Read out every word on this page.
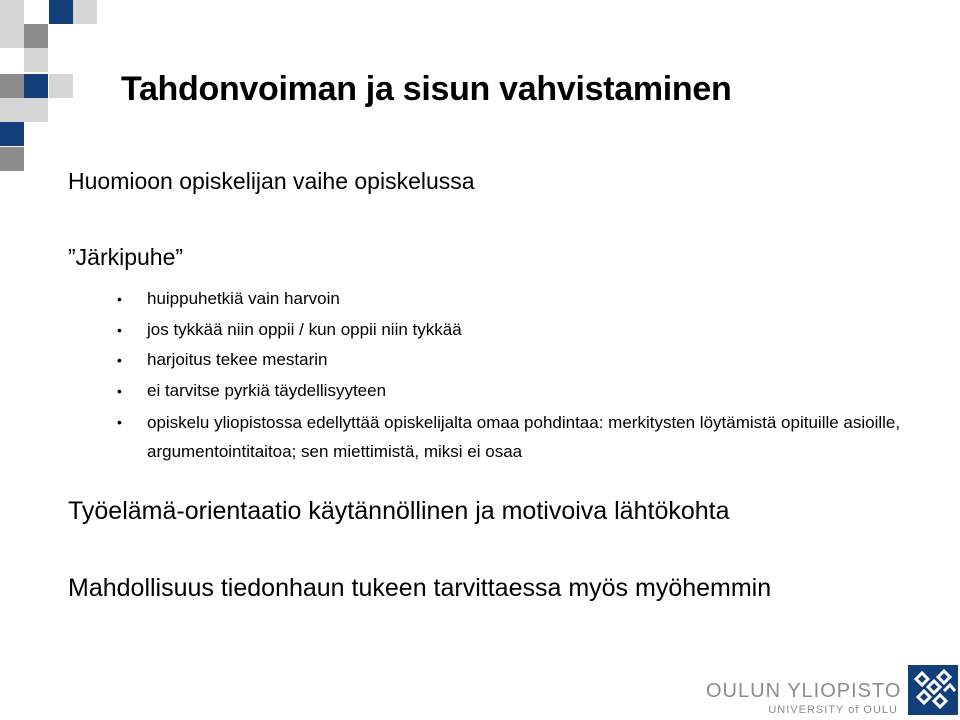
Tahdonvoiman ja sisun vahvistaminen
Huomioon opiskelijan vaihe opiskelussa
”Järkipuhe”
• huippuhetkiä vain harvoin
• jos tykkää niin oppii / kun oppii niin tykkää
• harjoitus tekee mestarin
• ei tarvitse pyrkiä täydellisyyteen
• opiskelu yliopistossa edellyttää opiskelijalta omaa pohdintaa: merkitysten löytämistä opituille asioille, argumentointitaitoa; sen miettimistä, miksi ei osaa
Työelämä-orientaatio käytännöllinen ja motivoiva lähtökohta
Mahdollisuus tiedonhaun tukeen tarvittaessa myös myöhemmin
OULUN YLIOPISTO
UNIVERSITY of OULU
